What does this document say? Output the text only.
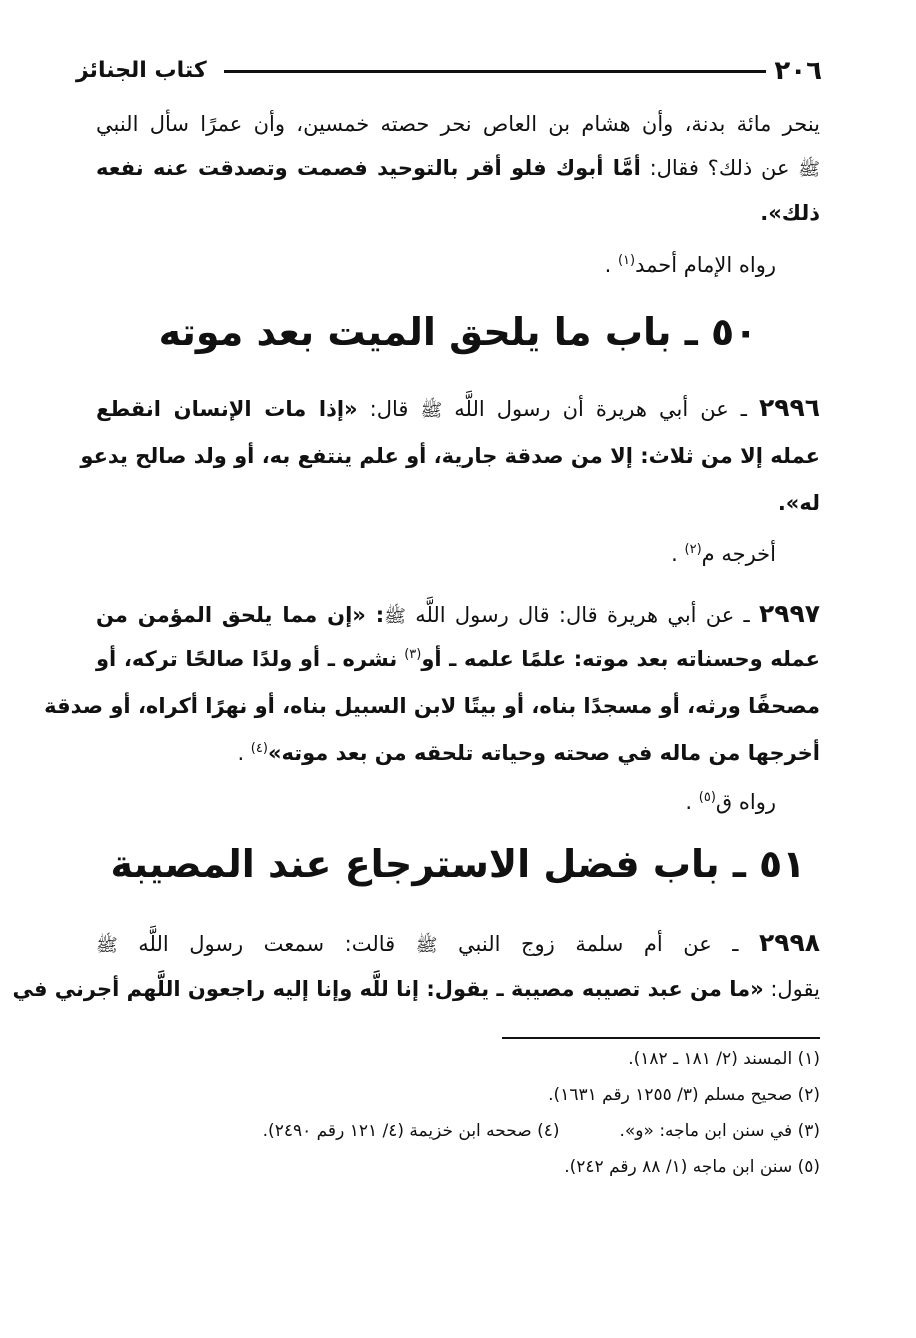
٢٠٦
كتاب الجنائز
ينحر مائة بدنة، وأن هشام بن العاص نحر حصته خمسين، وأن عمرًا سأل النبي
ﷺ عن ذلك؟ فقال: أمَّا أبوك فلو أقر بالتوحيد فصمت وتصدقت عنه نفعه
ذلك».
رواه الإمام أحمد$^{(١)}$ .
٥٠ ـ باب ما يلحق الميت بعد موته
٢٩٩٦ ـ عن أبي هريرة أن رسول اللَّه ﷺ قال: «إذا مات الإنسان انقطع
عمله إلا من ثلاث: إلا من صدقة جارية، أو علم ينتفع به، أو ولد صالح يدعو
له».
أخرجه م$^{(٢)}$ .
٢٩٩٧ ـ عن أبي هريرة قال: قال رسول اللَّه ﷺ: «إن مما يلحق المؤمن من
عمله وحسناته بعد موته: علمًا علمه ـ أو$^{(٣)}$ نشره ـ أو ولدًا صالحًا تركه، أو
مصحفًا ورثه، أو مسجدًا بناه، أو بيتًا لابن السبيل بناه، أو نهرًا أكراه، أو صدقة
أخرجها من ماله في صحته وحياته تلحقه من بعد موته»$^{(٤)}$ .
رواه ق$^{(٥)}$ .
٥١ ـ باب فضل الاسترجاع عند المصيبة
٢٩٩٨ ـ عن أم سلمة زوج النبي ﷺ قالت: سمعت رسول اللَّه ﷺ
يقول: «ما من عبد تصيبه مصيبة ـ يقول: إنا للَّه وإنا إليه راجعون اللَّهم أجرني في
(١) المسند (٢/ ١٨١ ـ ١٨٢).
(٢) صحيح مسلم (٣/ ١٢٥٥ رقم ١٦٣١).
(٣) في سنن ابن ماجه: «و».(٤) صححه ابن خزيمة (٤/ ١٢١ رقم ٢٤٩٠).
(٥) سنن ابن ماجه (١/ ٨٨ رقم ٢٤٢).
